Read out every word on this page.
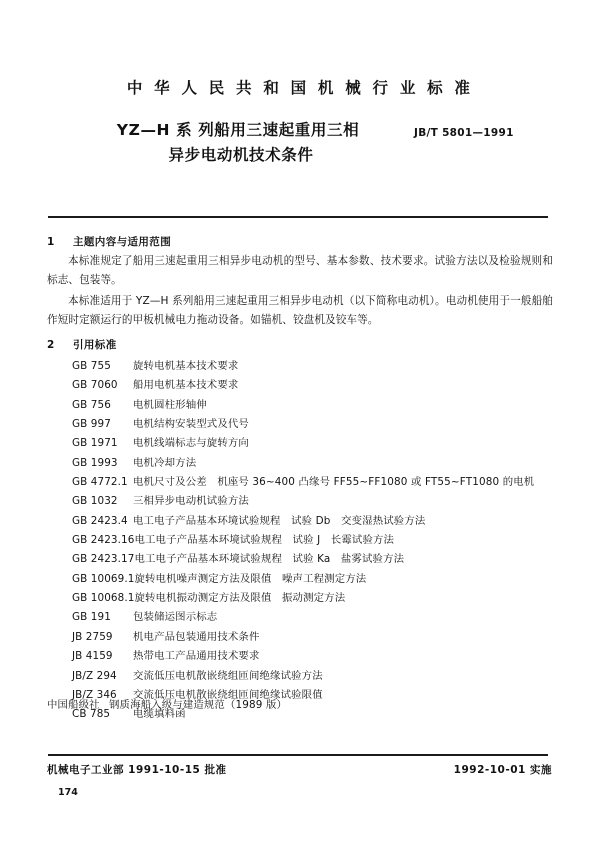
中 华 人 民 共 和 国 机 械 行 业 标 准
YZ—H 系 列船用三速起重用三相
异步电动机技术条件
JB/T 5801—1991
1 主题内容与适用范围
本标准规定了船用三速起重用三相异步电动机的型号、基本参数、技术要求。试验方法以及检验规则和标志、包装等。
本标准适用于 YZ—H 系列船用三速起重用三相异步电动机（以下简称电动机）。电动机使用于一般船舶作短时定额运行的甲板机械电力拖动设备。如锚机、铰盘机及铰车等。
2 引用标准
GB 755	旋转电机基本技术要求
GB 7060	船用电机基本技术要求
GB 756	电机圆柱形轴伸
GB 997	电机结构安装型式及代号
GB 1971	电机线端标志与旋转方向
GB 1993	电机冷却方法
GB 4772.1 电机尺寸及公差　机座号 36~400 凸缘号 FF55~FF1080 或 FT55~FT1080 的电机
GB 1032	三相异步电动机试验方法
GB 2423.4 电工电子产品基本环境试验规程　试验 Db　交变湿热试验方法
GB 2423.16 电工电子产品基本环境试验规程　试验 J　长霉试验方法
GB 2423.17 电工电子产品基本环境试验规程　试验 Ka　盐雾试验方法
GB 10069.1 旋转电机噪声测定方法及限值　噪声工程测定方法
GB 10068.1 旋转电机振动测定方法及限值　振动测定方法
GB 191	包装储运图示标志
JB 2759	机电产品包装通用技术条件
JB 4159	热带电工产品通用技术要求
JB/Z 294	交流低压电机散嵌绕组匝间绝缘试验方法
JB/Z 346	交流低压电机散嵌绕组匝间绝缘试验限值
CB 785	电缆填料函
中国船级社 钢质海船入级与建造规范（1989 版）
机械电子工业部 1991-10-15 批准	1992-10-01 实施
174
